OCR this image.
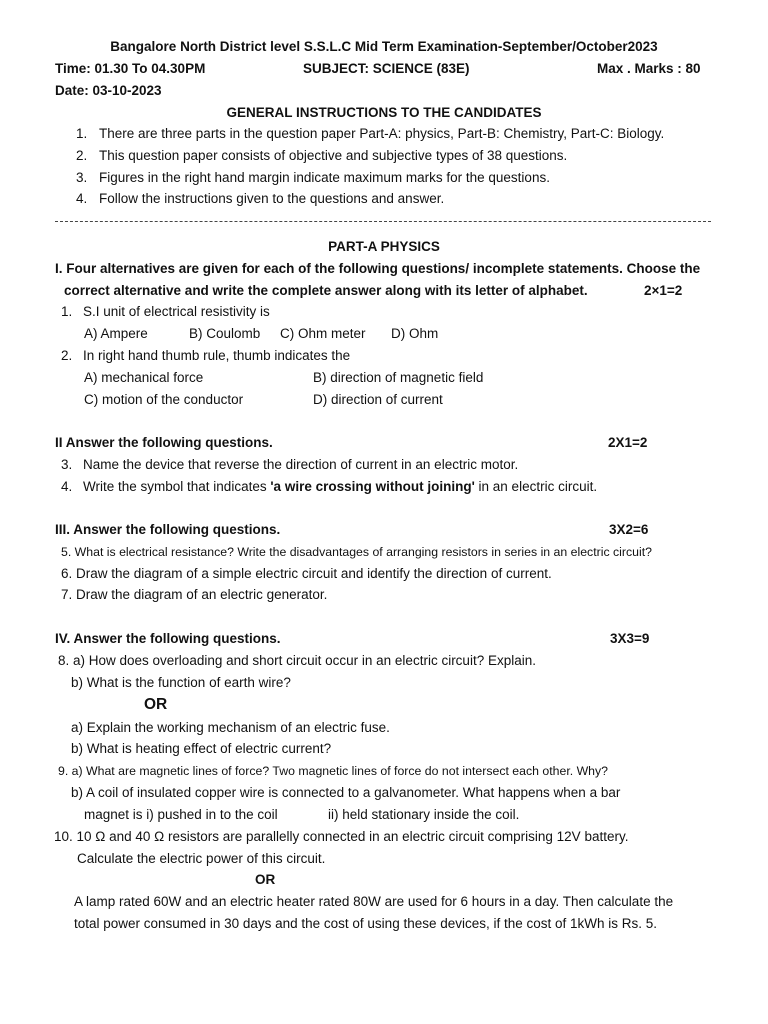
Bangalore North District level S.S.L.C Mid Term Examination-September/October2023
Time: 01.30 To 04.30PM	SUBJECT: SCIENCE (83E)	Max . Marks : 80
Date: 03-10-2023
GENERAL INSTRUCTIONS TO THE CANDIDATES
1. There are three parts in the question paper Part-A: physics, Part-B: Chemistry, Part-C: Biology.
2. This question paper consists of objective and subjective types of 38 questions.
3. Figures in the right hand margin indicate maximum marks for the questions.
4. Follow the instructions given to the questions and answer.
PART-A PHYSICS
I. Four alternatives are given for each of the following questions/ incomplete statements. Choose the
correct alternative and write the complete answer along with its letter of alphabet.	2×1=2
1. S.I unit of electrical resistivity is
A) Ampere	B) Coulomb C) Ohm meter D) Ohm
2. In right hand thumb rule, thumb indicates the
A) mechanical force	B) direction of magnetic field
C) motion of the conductor	D) direction of current
II Answer the following questions.	2X1=2
3. Name the device that reverse the direction of current in an electric motor.
4. Write the symbol that indicates 'a wire crossing without joining' in an electric circuit.
III. Answer the following questions.	3X2=6
5. What is electrical resistance? Write the disadvantages of arranging resistors in series in an electric circuit?
6. Draw the diagram of a simple electric circuit and identify the direction of current.
7. Draw the diagram of an electric generator.
IV. Answer the following questions.	3X3=9
8. a) How does overloading and short circuit occur in an electric circuit? Explain.
b) What is the function of earth wire?
OR
a) Explain the working mechanism of an electric fuse.
b) What is heating effect of electric current?
9. a) What are magnetic lines of force? Two magnetic lines of force do not intersect each other. Why?
b) A coil of insulated copper wire is connected to a galvanometer. What happens when a bar
magnet is i) pushed in to the coil	ii) held stationary inside the coil.
10. 10 Ω and 40 Ω resistors are parallelly connected in an electric circuit comprising 12V battery.
Calculate the electric power of this circuit.
OR
A lamp rated 60W and an electric heater rated 80W are used for 6 hours in a day. Then calculate the
total power consumed in 30 days and the cost of using these devices, if the cost of 1kWh is Rs. 5.
